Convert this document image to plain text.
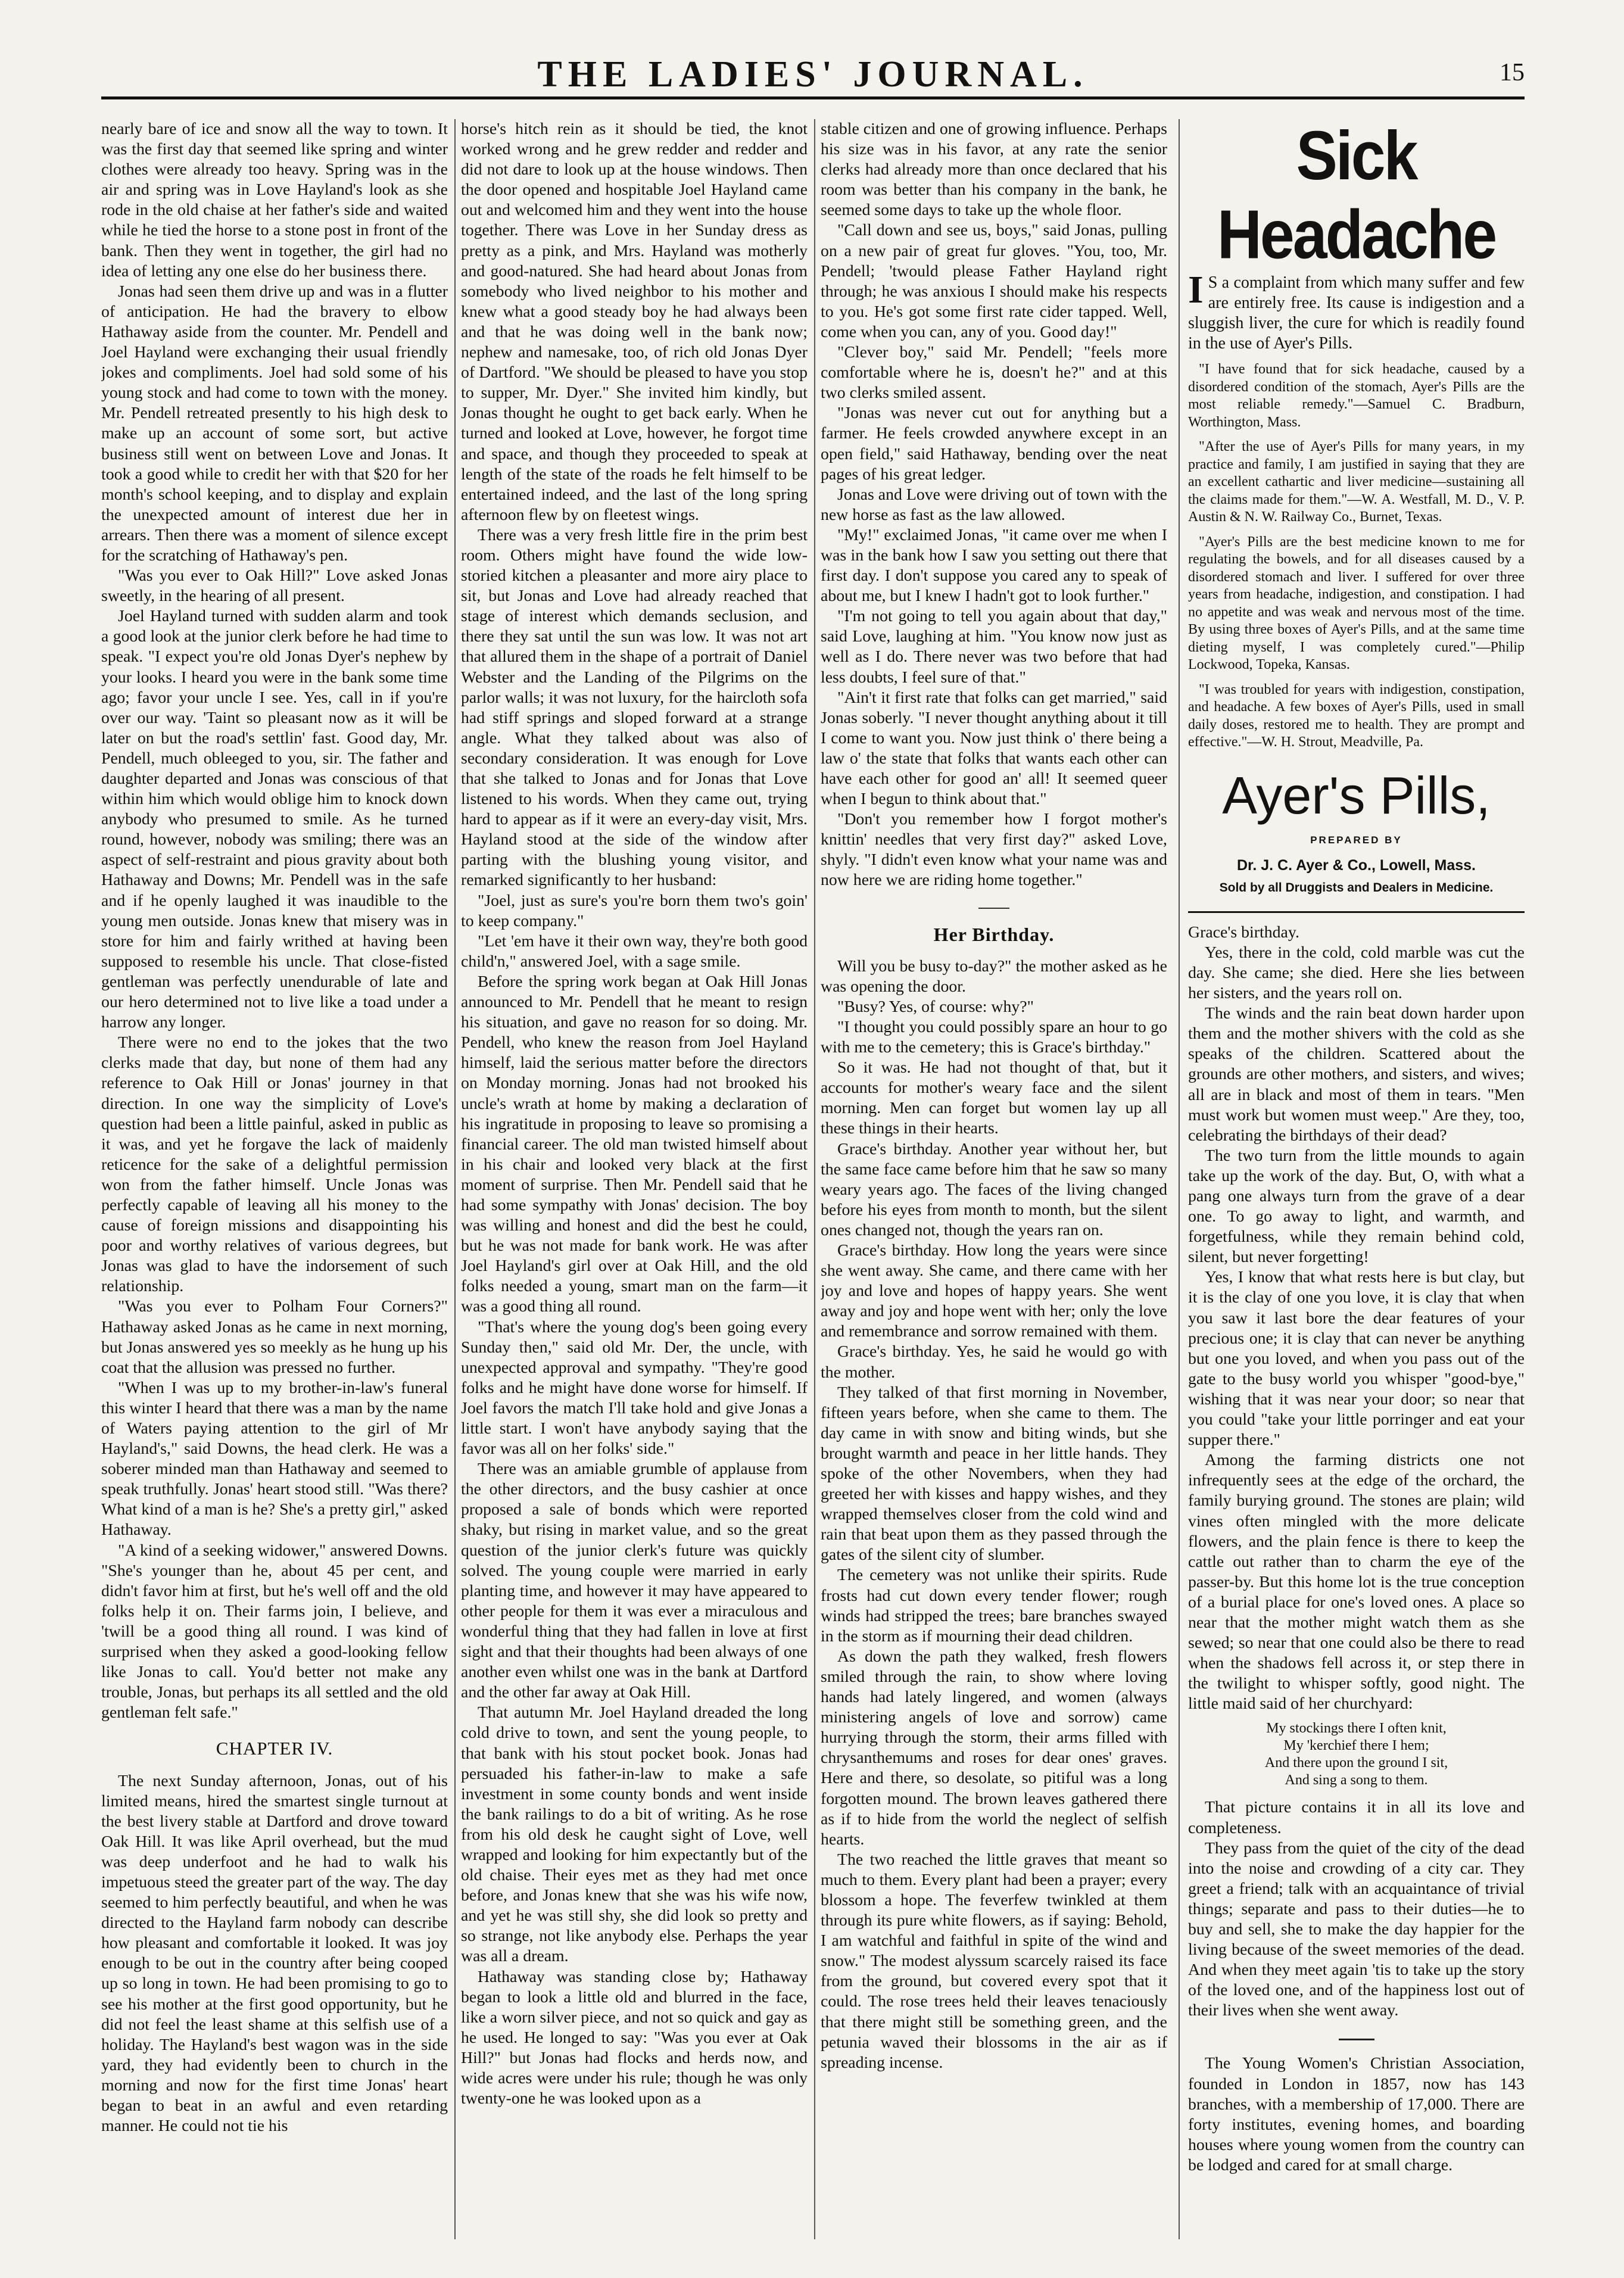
THE LADIES' JOURNAL.	15

nearly bare of ice and snow all the way to town. It was the first day that seemed like spring and winter clothes were already too heavy. Spring was in the air and spring was in Love Hayland's look as she rode in the old chaise at her father's side and waited while he tied the horse to a stone post in front of the bank. Then they went in together, the girl had no idea of letting any one else do her business there.

Jonas had seen them drive up and was in a flutter of anticipation. He had the bravery to elbow Hathaway aside from the counter. Mr. Pendell and Joel Hayland were exchanging their usual friendly jokes and compliments. Joel had sold some of his young stock and had come to town with the money. Mr. Pendell retreated presently to his high desk to make up an account of some sort, but active business still went on between Love and Jonas. It took a good while to credit her with that $20 for her month's school keeping, and to display and explain the unexpected amount of interest due her in arrears. Then there was a moment of silence except for the scratching of Hathaway's pen.

"Was you ever to Oak Hill?" Love asked Jonas sweetly, in the hearing of all present.

Joel Hayland turned with sudden alarm and took a good look at the junior clerk before he had time to speak. "I expect you're old Jonas Dyer's nephew by your looks. I heard you were in the bank some time ago; favor your uncle I see. Yes, call in if you're over our way. 'Taint so pleasant now as it will be later on but the road's settlin' fast. Good day, Mr. Pendell, much obleeged to you, sir. The father and daughter departed and Jonas was conscious of that within him which would oblige him to knock down anybody who presumed to smile. As he turned round, however, nobody was smiling; there was an aspect of self-restraint and pious gravity about both Hathaway and Downs; Mr. Pendell was in the safe and if he openly laughed it was inaudible to the young men outside. Jonas knew that misery was in store for him and fairly writhed at having been supposed to resemble his uncle. That close-fisted gentleman was perfectly unendurable of late and our hero determined not to live like a toad under a harrow any longer.

There were no end to the jokes that the two clerks made that day, but none of them had any reference to Oak Hill or Jonas' journey in that direction. In one way the simplicity of Love's question had been a little painful, asked in public as it was, and yet he forgave the lack of maidenly reticence for the sake of a delightful permission won from the father himself. Uncle Jonas was perfectly capable of leaving all his money to the cause of foreign missions and disappointing his poor and worthy relatives of various degrees, but Jonas was glad to have the indorsement of such relationship.

"Was you ever to Polham Four Corners?" Hathaway asked Jonas as he came in next morning, but Jonas answered yes so meekly as he hung up his coat that the allusion was pressed no further.

"When I was up to my brother-in-law's funeral this winter I heard that there was a man by the name of Waters paying attention to the girl of Mr Hayland's," said Downs, the head clerk. He was a soberer minded man than Hathaway and seemed to speak truthfully. Jonas' heart stood still. "Was there? What kind of a man is he? She's a pretty girl," asked Hathaway.

"A kind of a seeking widower," answered Downs. "She's younger than he, about 45 per cent, and didn't favor him at first, but he's well off and the old folks help it on. Their farms join, I believe, and 'twill be a good thing all round. I was kind of surprised when they asked a good-looking fellow like Jonas to call. You'd better not make any trouble, Jonas, but perhaps its all settled and the old gentleman felt safe."

CHAPTER IV.

The next Sunday afternoon, Jonas, out of his limited means, hired the smartest single turnout at the best livery stable at Dartford and drove toward Oak Hill. It was like April overhead, but the mud was deep underfoot and he had to walk his impetuous steed the greater part of the way. The day seemed to him perfectly beautiful, and when he was directed to the Hayland farm nobody can describe how pleasant and comfortable it looked. It was joy enough to be out in the country after being cooped up so long in town. He had been promising to go to see his mother at the first good opportunity, but he did not feel the least shame at this selfish use of a holiday. The Hayland's best wagon was in the side yard, they had evidently been to church in the morning and now for the first time Jonas' heart began to beat in an awful and even retarding manner. He could not tie his

horse's hitch rein as it should be tied, the knot worked wrong and he grew redder and redder and did not dare to look up at the house windows. Then the door opened and hospitable Joel Hayland came out and welcomed him and they went into the house together. There was Love in her Sunday dress as pretty as a pink, and Mrs. Hayland was motherly and good-natured. She had heard about Jonas from somebody who lived neighbor to his mother and knew what a good steady boy he had always been and that he was doing well in the bank now; nephew and namesake, too, of rich old Jonas Dyer of Dartford. "We should be pleased to have you stop to supper, Mr. Dyer." She invited him kindly, but Jonas thought he ought to get back early. When he turned and looked at Love, however, he forgot time and space, and though they proceeded to speak at length of the state of the roads he felt himself to be entertained indeed, and the last of the long spring afternoon flew by on fleetest wings.

There was a very fresh little fire in the prim best room. Others might have found the wide low-storied kitchen a pleasanter and more airy place to sit, but Jonas and Love had already reached that stage of interest which demands seclusion, and there they sat until the sun was low. It was not art that allured them in the shape of a portrait of Daniel Webster and the Landing of the Pilgrims on the parlor walls; it was not luxury, for the haircloth sofa had stiff springs and sloped forward at a strange angle. What they talked about was also of secondary consideration. It was enough for Love that she talked to Jonas and for Jonas that Love listened to his words. When they came out, trying hard to appear as if it were an every-day visit, Mrs. Hayland stood at the side of the window after parting with the blushing young visitor, and remarked significantly to her husband:

"Joel, just as sure's you're born them two's goin' to keep company."

"Let 'em have it their own way, they're both good child'n," answered Joel, with a sage smile.

Before the spring work began at Oak Hill Jonas announced to Mr. Pendell that he meant to resign his situation, and gave no reason for so doing. Mr. Pendell, who knew the reason from Joel Hayland himself, laid the serious matter before the directors on Monday morning. Jonas had not brooked his uncle's wrath at home by making a declaration of his ingratitude in proposing to leave so promising a financial career. The old man twisted himself about in his chair and looked very black at the first moment of surprise. Then Mr. Pendell said that he had some sympathy with Jonas' decision. The boy was willing and honest and did the best he could, but he was not made for bank work. He was after Joel Hayland's girl over at Oak Hill, and the old folks needed a young, smart man on the farm—it was a good thing all round.

"That's where the young dog's been going every Sunday then," said old Mr. Der, the uncle, with unexpected approval and sympathy. "They're good folks and he might have done worse for himself. If Joel favors the match I'll take hold and give Jonas a little start. I won't have anybody saying that the favor was all on her folks' side."

There was an amiable grumble of applause from the other directors, and the busy cashier at once proposed a sale of bonds which were reported shaky, but rising in market value, and so the great question of the junior clerk's future was quickly solved. The young couple were married in early planting time, and however it may have appeared to other people for them it was ever a miraculous and wonderful thing that they had fallen in love at first sight and that their thoughts had been always of one another even whilst one was in the bank at Dartford and the other far away at Oak Hill.

That autumn Mr. Joel Hayland dreaded the long cold drive to town, and sent the young people, to that bank with his stout pocket book. Jonas had persuaded his father-in-law to make a safe investment in some county bonds and went inside the bank railings to do a bit of writing. As he rose from his old desk he caught sight of Love, well wrapped and looking for him expectantly but of the old chaise. Their eyes met as they had met once before, and Jonas knew that she was his wife now, and yet he was still shy, she did look so pretty and so strange, not like anybody else. Perhaps the year was all a dream.

Hathaway was standing close by; Hathaway began to look a little old and blurred in the face, like a worn silver piece, and not so quick and gay as he used. He longed to say: "Was you ever at Oak Hill?" but Jonas had flocks and herds now, and wide acres were under his rule; though he was only twenty-one he was looked upon as a

stable citizen and one of growing influence. Perhaps his size was in his favor, at any rate the senior clerks had already more than once declared that his room was better than his company in the bank, he seemed some days to take up the whole floor.

"Call down and see us, boys," said Jonas, pulling on a new pair of great fur gloves. "You, too, Mr. Pendell; 'twould please Father Hayland right through; he was anxious I should make his respects to you. He's got some first rate cider tapped. Well, come when you can, any of you. Good day!"

"Clever boy," said Mr. Pendell; "feels more comfortable where he is, doesn't he?" and at this two clerks smiled assent.

"Jonas was never cut out for anything but a farmer. He feels crowded anywhere except in an open field," said Hathaway, bending over the neat pages of his great ledger.

Jonas and Love were driving out of town with the new horse as fast as the law allowed.

"My!" exclaimed Jonas, "it came over me when I was in the bank how I saw you setting out there that first day. I don't suppose you cared any to speak of about me, but I knew I hadn't got to look further."

"I'm not going to tell you again about that day," said Love, laughing at him. "You know now just as well as I do. There never was two before that had less doubts, I feel sure of that."

"Ain't it first rate that folks can get married," said Jonas soberly. "I never thought anything about it till I come to want you. Now just think o' there being a law o' the state that folks that wants each other can have each other for good an' all! It seemed queer when I begun to think about that."

"Don't you remember how I forgot mother's knittin' needles that very first day?" asked Love, shyly. "I didn't even know what your name was and now here we are riding home together."

Her Birthday.

Will you be busy to-day?" the mother asked as he was opening the door.

"Busy? Yes, of course: why?"

"I thought you could possibly spare an hour to go with me to the cemetery; this is Grace's birthday."

So it was. He had not thought of that, but it accounts for mother's weary face and the silent morning. Men can forget but women lay up all these things in their hearts.

Grace's birthday. Another year without her, but the same face came before him that he saw so many weary years ago. The faces of the living changed before his eyes from month to month, but the silent ones changed not, though the years ran on.

Grace's birthday. How long the years were since she went away. She came, and there came with her joy and love and hopes of happy years. She went away and joy and hope went with her; only the love and remembrance and sorrow remained with them.

Grace's birthday. Yes, he said he would go with the mother.

They talked of that first morning in November, fifteen years before, when she came to them. The day came in with snow and biting winds, but she brought warmth and peace in her little hands. They spoke of the other Novembers, when they had greeted her with kisses and happy wishes, and they wrapped themselves closer from the cold wind and rain that beat upon them as they passed through the gates of the silent city of slumber.

The cemetery was not unlike their spirits. Rude frosts had cut down every tender flower; rough winds had stripped the trees; bare branches swayed in the storm as if mourning their dead children.

As down the path they walked, fresh flowers smiled through the rain, to show where loving hands had lately lingered, and women (always ministering angels of love and sorrow) came hurrying through the storm, their arms filled with chrysanthemums and roses for dear ones' graves. Here and there, so desolate, so pitiful was a long forgotten mound. The brown leaves gathered there as if to hide from the world the neglect of selfish hearts.

The two reached the little graves that meant so much to them. Every plant had been a prayer; every blossom a hope. The feverfew twinkled at them through its pure white flowers, as if saying: Behold, I am watchful and faithful in spite of the wind and snow." The modest alyssum scarcely raised its face from the ground, but covered every spot that it could. The rose trees held their leaves tenaciously that there might still be something green, and the petunia waved their blossoms in the air as if spreading incense.

Sick Headache
I S a complaint from which many suffer and few are entirely free. Its cause is indigestion and a sluggish liver, the cure for which is readily found in the use of Ayer's Pills.
"I have found that for sick headache, caused by a disordered condition of the stomach, Ayer's Pills are the most reliable remedy."—Samuel C. Bradburn, Worthington, Mass.
"After the use of Ayer's Pills for many years, in my practice and family, I am justified in saying that they are an excellent cathartic and liver medicine—sustaining all the claims made for them."—W. A. Westfall, M. D., V. P. Austin & N. W. Railway Co., Burnet, Texas.
"Ayer's Pills are the best medicine known to me for regulating the bowels, and for all diseases caused by a disordered stomach and liver. I suffered for over three years from headache, indigestion, and constipation. I had no appetite and was weak and nervous most of the time. By using three boxes of Ayer's Pills, and at the same time dieting myself, I was completely cured."—Philip Lockwood, Topeka, Kansas.
"I was troubled for years with indigestion, constipation, and headache. A few boxes of Ayer's Pills, used in small daily doses, restored me to health. They are prompt and effective."—W. H. Strout, Meadville, Pa.
Ayer's Pills,
PREPARED BY
Dr. J. C. Ayer & Co., Lowell, Mass.
Sold by all Druggists and Dealers in Medicine.

Grace's birthday.

Yes, there in the cold, cold marble was cut the day. She came; she died. Here she lies between her sisters, and the years roll on.

The winds and the rain beat down harder upon them and the mother shivers with the cold as she speaks of the children. Scattered about the grounds are other mothers, and sisters, and wives; all are in black and most of them in tears. "Men must work but women must weep." Are they, too, celebrating the birthdays of their dead?

The two turn from the little mounds to again take up the work of the day. But, O, with what a pang one always turn from the grave of a dear one. To go away to light, and warmth, and forgetfulness, while they remain behind cold, silent, but never forgetting!

Yes, I know that what rests here is but clay, but it is the clay of one you love, it is clay that when you saw it last bore the dear features of your precious one; it is clay that can never be anything but one you loved, and when you pass out of the gate to the busy world you whisper "good-bye," wishing that it was near your door; so near that you could "take your little porringer and eat your supper there."

Among the farming districts one not infrequently sees at the edge of the orchard, the family burying ground. The stones are plain; wild vines often mingled with the more delicate flowers, and the plain fence is there to keep the cattle out rather than to charm the eye of the passer-by. But this home lot is the true conception of a burial place for one's loved ones. A place so near that the mother might watch them as she sewed; so near that one could also be there to read when the shadows fell across it, or step there in the twilight to whisper softly, good night. The little maid said of her churchyard:

My stockings there I often knit,
My 'kerchief there I hem;
And there upon the ground I sit,
And sing a song to them.

That picture contains it in all its love and completeness.

They pass from the quiet of the city of the dead into the noise and crowding of a city car. They greet a friend; talk with an acquaintance of trivial things; separate and pass to their duties—he to buy and sell, she to make the day happier for the living because of the sweet memories of the dead. And when they meet again 'tis to take up the story of the loved one, and of the happiness lost out of their lives when she went away.

The Young Women's Christian Association, founded in London in 1857, now has 143 branches, with a membership of 17,000. There are forty institutes, evening homes, and boarding houses where young women from the country can be lodged and cared for at small charge.
